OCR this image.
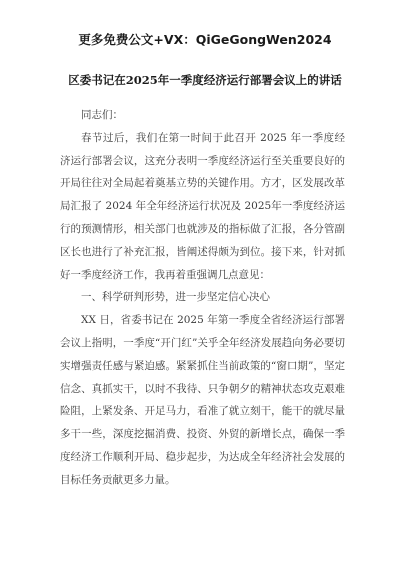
更多免费公文+VX：QiGeGongWen2024
区委书记在2025年一季度经济运行部署会议上的讲话

同志们：

春节过后，我们在第一时间于此召开 2025 年一季度经济运行部署会议，这充分表明一季度经济运行至关重要良好的开局往往对全局起着奠基立势的关键作用。方才，区发展改革局汇报了 2024 年全年经济运行状况及 2025年一季度经济运行的预测情形，相关部门也就涉及的指标做了汇报，各分管副区长也进行了补充汇报，皆阐述得颇为到位。接下来，针对抓好一季度经济工作，我再着重强调几点意见：

一、科学研判形势，进一步坚定信心决心

XX 日，省委书记在 2025 年第一季度全省经济运行部署会议上指明，一季度“开门红”关乎全年经济发展趋向务必要切实增强责任感与紧迫感。紧紧抓住当前政策的“窗口期”，坚定信念、真抓实干，以时不我待、只争朝夕的精神状态攻克艰难险阻，上紧发条、开足马力，看准了就立刻干，能干的就尽量多干一些，深度挖掘消费、投资、外贸的新增长点，确保一季度经济工作顺利开局、稳步起步，为达成全年经济社会发展的目标任务贡献更多力量。
